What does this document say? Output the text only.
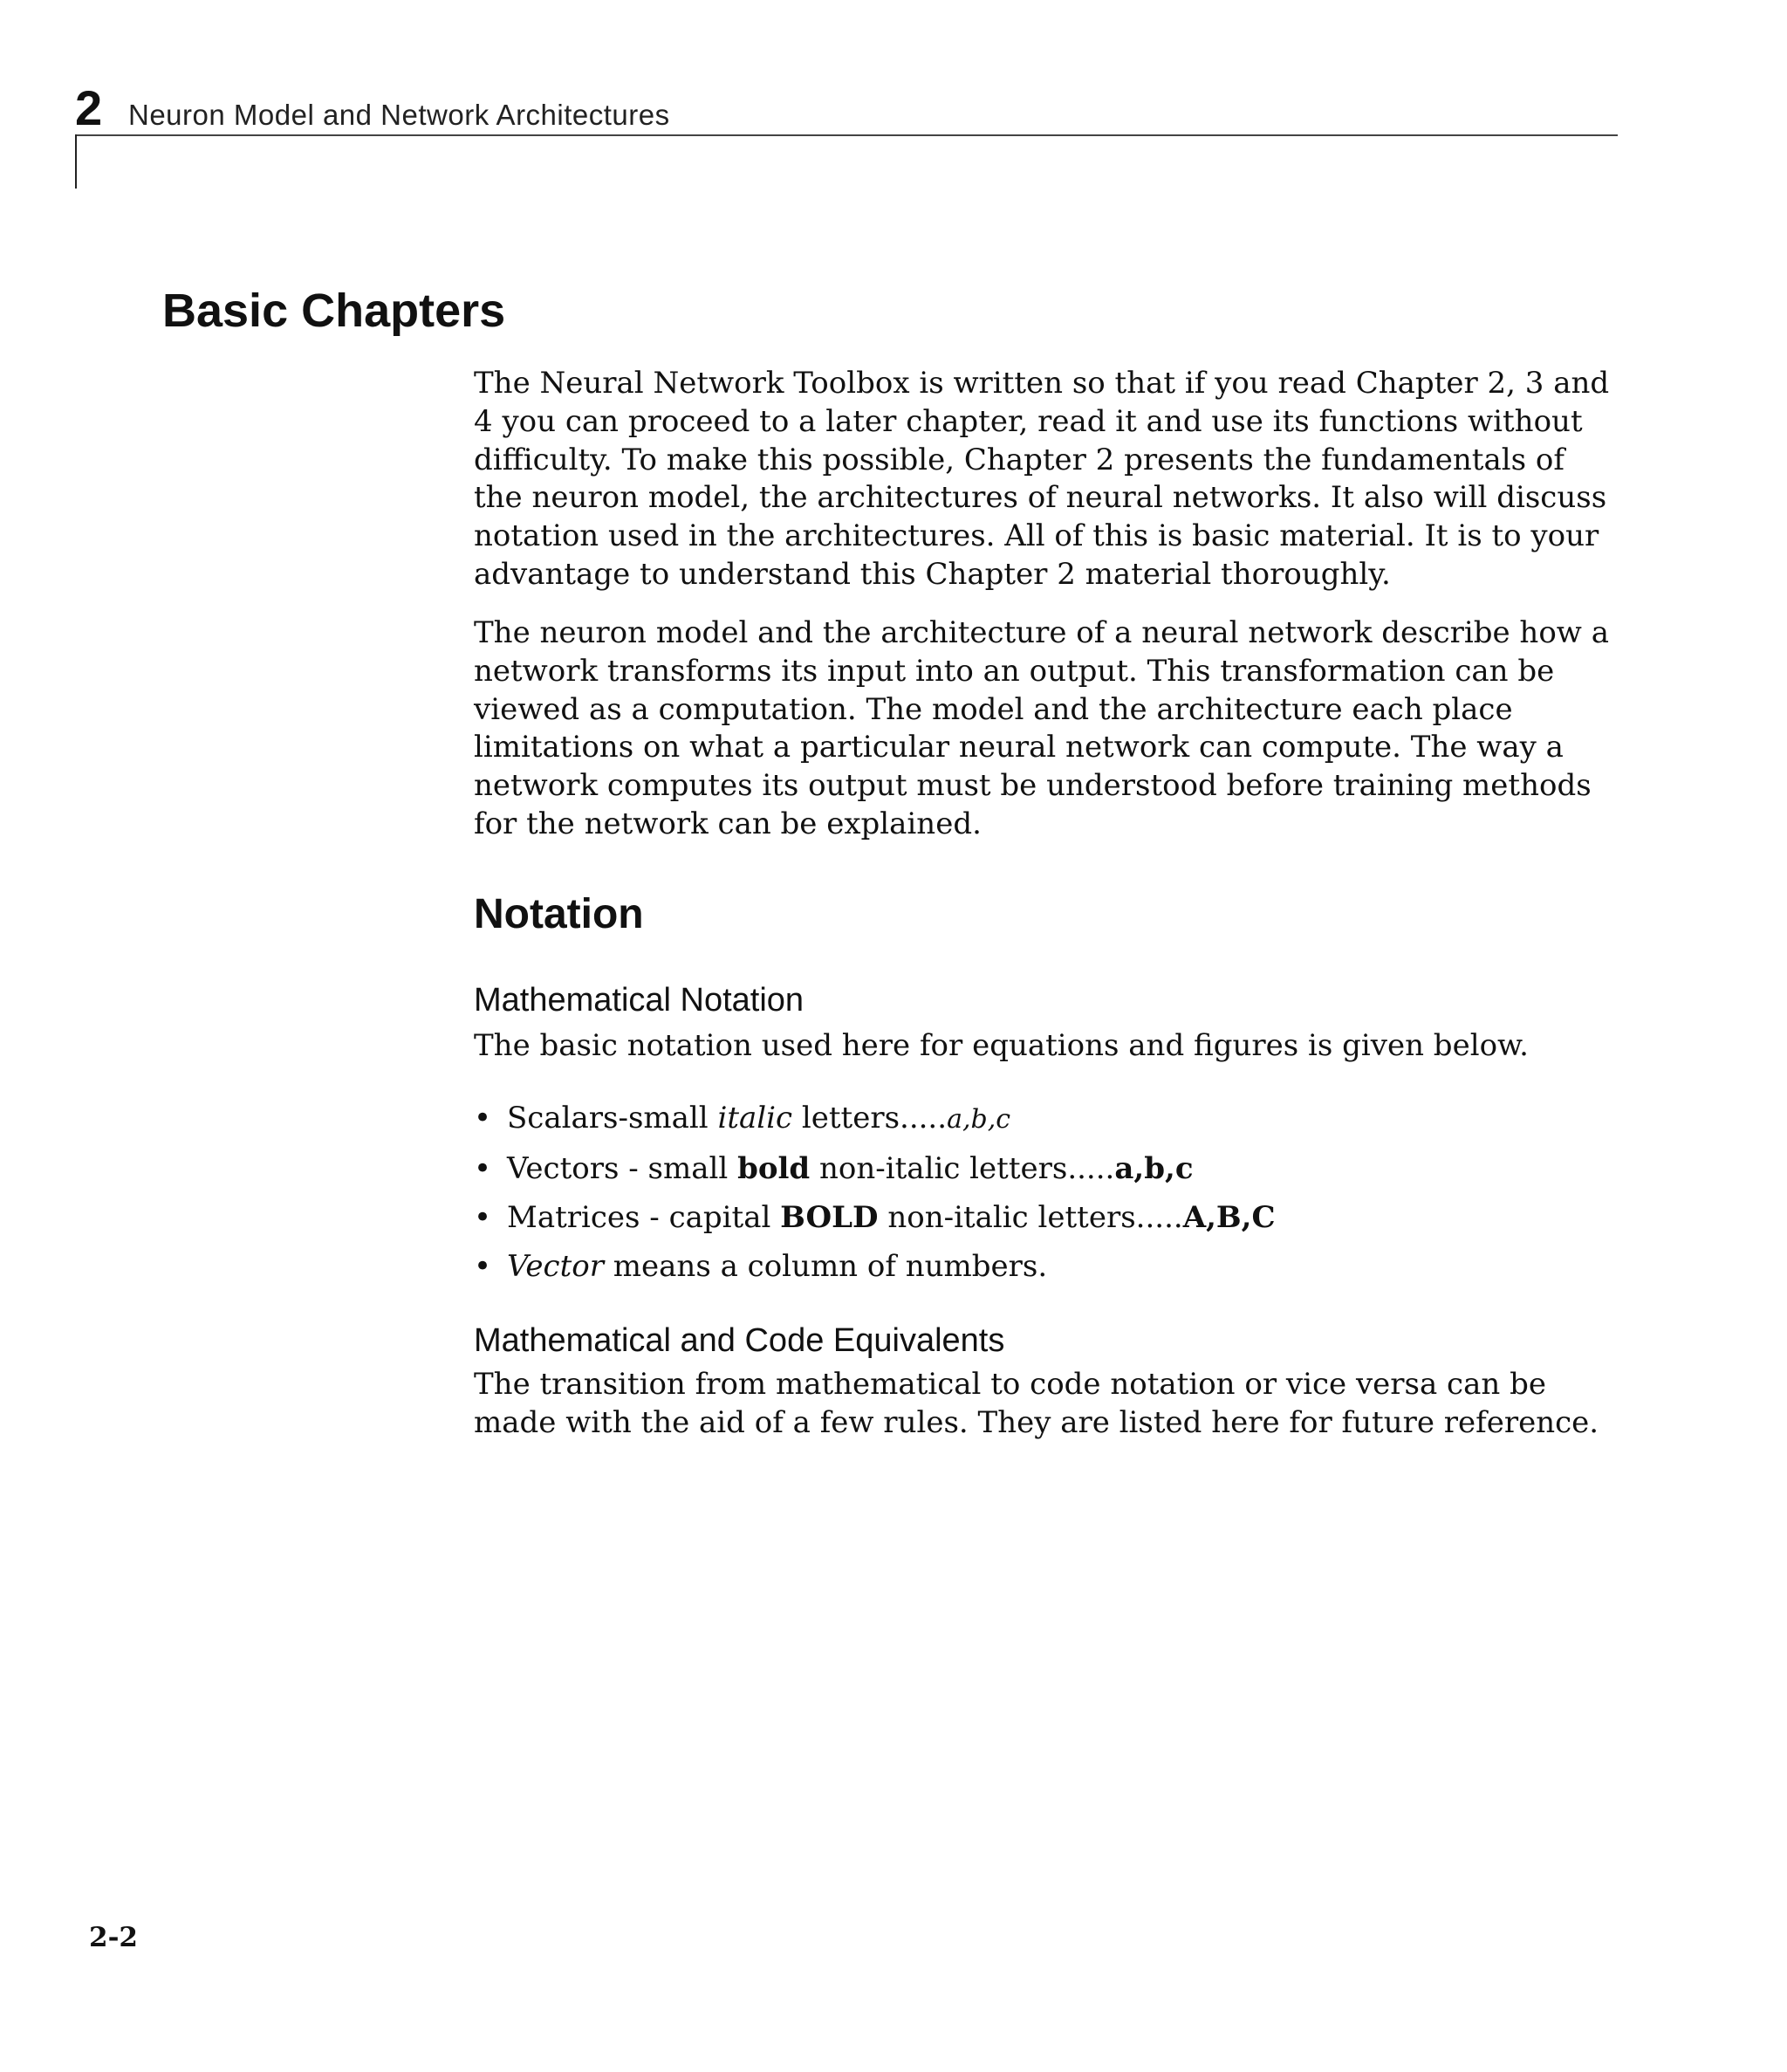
2 Neuron Model and Network Architectures
Basic Chapters

The Neural Network Toolbox is written so that if you read Chapter 2, 3 and 4 you can proceed to a later chapter, read it and use its functions without difficulty. To make this possible, Chapter 2 presents the fundamentals of the neuron model, the architectures of neural networks. It also will discuss notation used in the architectures. All of this is basic material. It is to your advantage to understand this Chapter 2 material thoroughly.

The neuron model and the architecture of a neural network describe how a network transforms its input into an output. This transformation can be viewed as a computation. The model and the architecture each place limitations on what a particular neural network can compute. The way a network computes its output must be understood before training methods for the network can be explained.

Notation
Mathematical Notation

The basic notation used here for equations and figures is given below.

• Scalars-small italic letters.....a,b,c
• Vectors - small bold non-italic letters.....a,b,c
• Matrices - capital BOLD non-italic letters.....A,B,C
• Vector means a column of numbers.
Mathematical and Code Equivalents

The transition from mathematical to code notation or vice versa can be made with the aid of a few rules. They are listed here for future reference.

2-2
